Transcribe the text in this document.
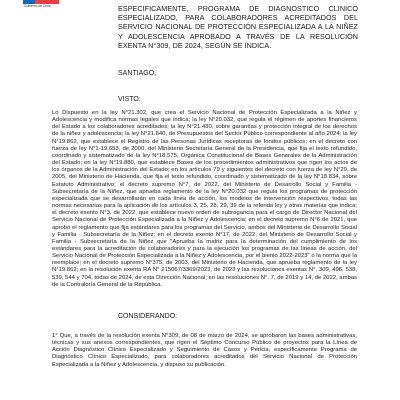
Gobierno de Chile	ESPECIFICAMENTE, PROGRAMA DE DIAGNOSTICO CLINICO ESPECIALIZADO, PARA COLABORADORES ACREDITADOS DEL SERVICIO NACIONAL DE PROTECCIÓN ESPECIALIZADA A LA NIÑEZ Y ADOLESCENCIA APROBADO A TRAVÉS DE LA RESOLUCIÓN EXENTA N°309, DE 2024, SEGÚN SE INDICA.
SANTIAGO,
VISTO:
Lo Dispuesto en la ley N°21.302, que crea el Servicio Nacional de Protección Especializada a la Niñez y Adolescencia y modifica normas legales que indica; la ley N°20.032, que regula el régimen de aportes financieros del Estado a los colaboradores acreditados; la ley N°21.430, sobre garantías y protección integral de los derechos de la niñez y adolescencia; la ley N°21.640, de Presupuestos del Sector Público correspondiente al año 2024; la ley N°19.862, que establece el Registro de las Personas Jurídicas receptoras de fondos públicos; en el decreto con fuerza de ley N°1-19.653, de 2000, del Ministerio Secretaría General de la Presidencia, que fija el texto refundido, coordinado y sistematizado de la ley N°18.575, Orgánica Constitucional de Bases Generales de la Administración del Estado; en la ley N°19.880, que establece Bases de los procedimientos administrativos que rigen los actos de los órganos de la Administración del Estado; en los artículos 79 y siguientes del decreto con fuerza de ley N°29, de 2005, del Ministerio de Hacienda, que fija el texto refundido, coordinado y sistematizado de la ley N°18.834, sobre Estatuto Administrativo; el decreto supremo N°7, de 2022, del Ministerio de Desarrollo Social y Familia - Subsecretaría de la Niñez, que aprueba reglamento de la ley N°20.032 que regula los programas de protección especializada que se desarrollarán en cada línea de acción, los modelos de intervención respectivos, todas las normas necesarias para la aplicación de los artículos 3, 25, 28, 29, 39 de la referida ley y otras materias que indica; el decreto exento N°3, de 2022, que establece nuevo orden de subrogancia para el cargo de Director Nacional del Servicio Nacional de Protección Especializada a la Niñez y Adolescencia; en el decreto supremo N°6 de 2021, que aprobó el reglamento que fija estándares para los programas del Servicio, ambos del Ministerio de Desarrollo Social y Familia - Subsecretaría de la Niñez; en el decreto exento N°17, de 2022, del Ministerio de Desarrollo Social y Familia - Subsecretaría de la Niñez que "Aprueba la matriz para la determinación del cumplimiento de los estándares para la acreditación de colaboradores y para la ejecución los programas de las líneas de acción, del Servicio Nacional de Protección Especializada a la Niñez y Adolescencia, por el bienio 2022-2023" o la norma que la reemplace; en el decreto supremo N°375, de 2003, del Ministerio de Hacienda, que aprueba reglamento de la ley N°19.862; en la resolución exenta RA N° 215067/3369/2023, de 2023 y las resoluciones exentas N°. 309, 496, 538, 539, 544 y 704, todas de 2024, de esta Dirección Nacional; en las resoluciones N°. 7, de 2019 y 14, de 2022, ambas de la Contraloría General de la República.
CONSIDERANDO:
1° Que, a través de la resolución exenta N°309, de 08 de marzo de 2024, se aprobaron las bases administrativas, técnicas y sus anexos correspondientes, que rigen el Séptimo Concurso Público de proyectos para la Línea de Acción Diagnóstico Clínico Especializado y Seguimiento de Casos y Pericia, específicamente Programa de Diagnóstico Clínico Especializado, para colaboradores acreditados del Servicio Nacional de Protección Especializada a la Niñez y Adolescencia, y dispuso su publicación.
